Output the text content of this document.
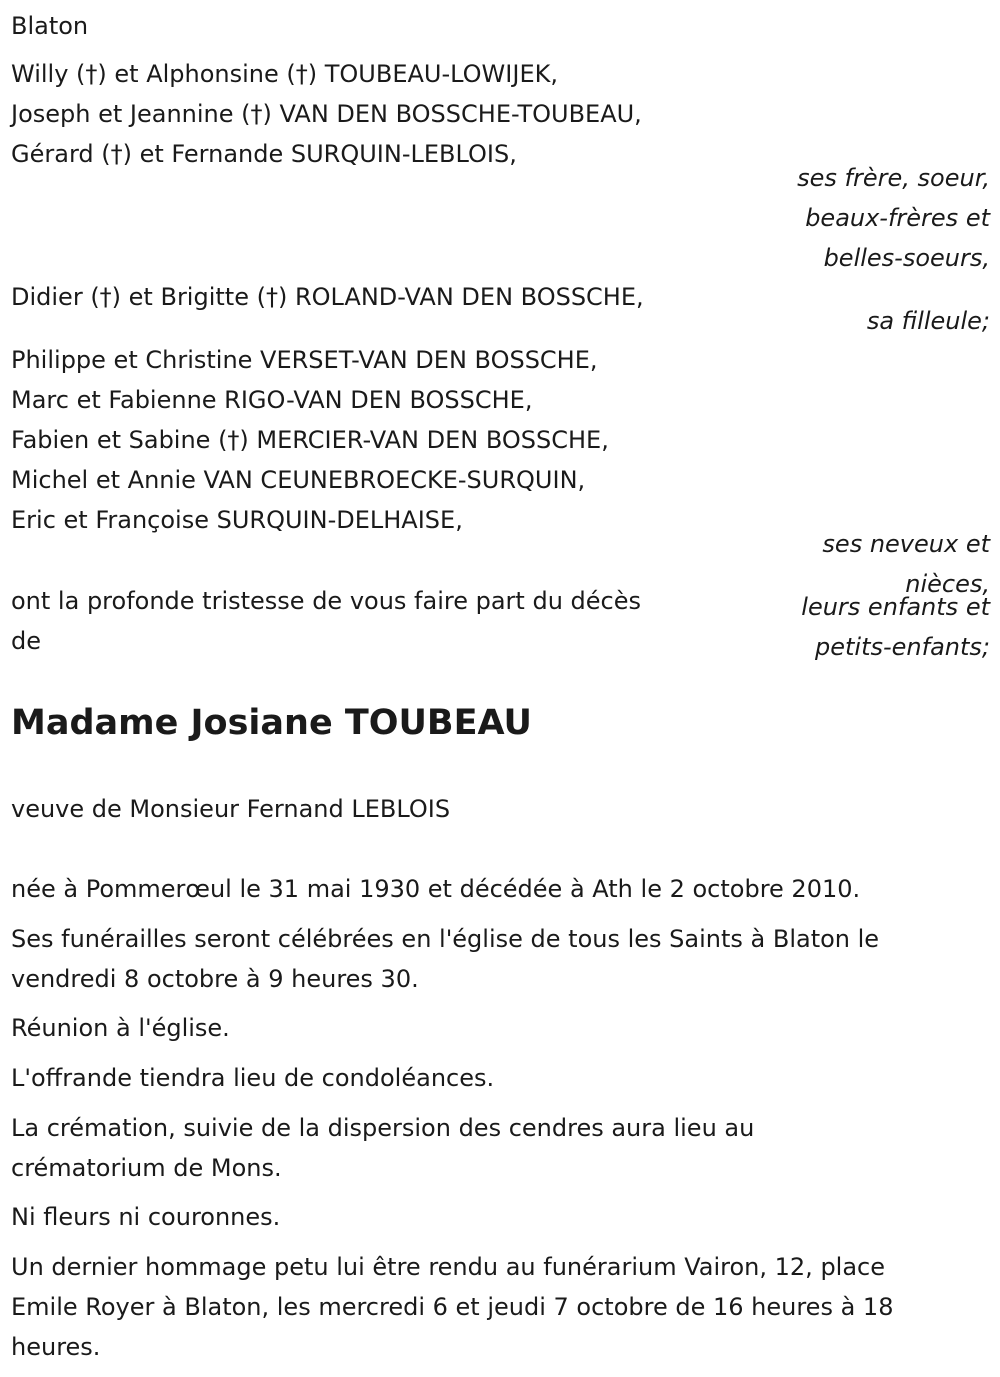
Blaton
Willy (†) et Alphonsine (†) TOUBEAU-LOWIJEK,
Joseph et Jeannine (†) VAN DEN BOSSCHE-TOUBEAU,
Gérard (†) et Fernande SURQUIN-LEBLOIS,
ses frère, soeur,
beaux-frères et
belles-soeurs,
Didier (†) et Brigitte (†) ROLAND-VAN DEN BOSSCHE,
sa filleule;
Philippe et Christine VERSET-VAN DEN BOSSCHE,
Marc et Fabienne RIGO-VAN DEN BOSSCHE,
Fabien et Sabine (†) MERCIER-VAN DEN BOSSCHE,
Michel et Annie VAN CEUNEBROECKE-SURQUIN,
Eric et Françoise SURQUIN-DELHAISE,
ses neveux et
nièces,
leurs enfants et
petits-enfants;
ont la profonde tristesse de vous faire part du décès
de
Madame Josiane TOUBEAU
veuve de Monsieur Fernand LEBLOIS
née à Pommerœul le 31 mai 1930 et décédée à Ath le 2 octobre 2010.
Ses funérailles seront célébrées en l'église de tous les Saints à Blaton le
vendredi 8 octobre à 9 heures 30.
Réunion à l'église.
L'offrande tiendra lieu de condoléances.
La crémation, suivie de la dispersion des cendres aura lieu au
crématorium de Mons.
Ni fleurs ni couronnes.
Un dernier hommage petu lui être rendu au funérarium Vairon, 12, place
Emile Royer à Blaton, les mercredi 6 et jeudi 7 octobre de 16 heures à 18
heures.
